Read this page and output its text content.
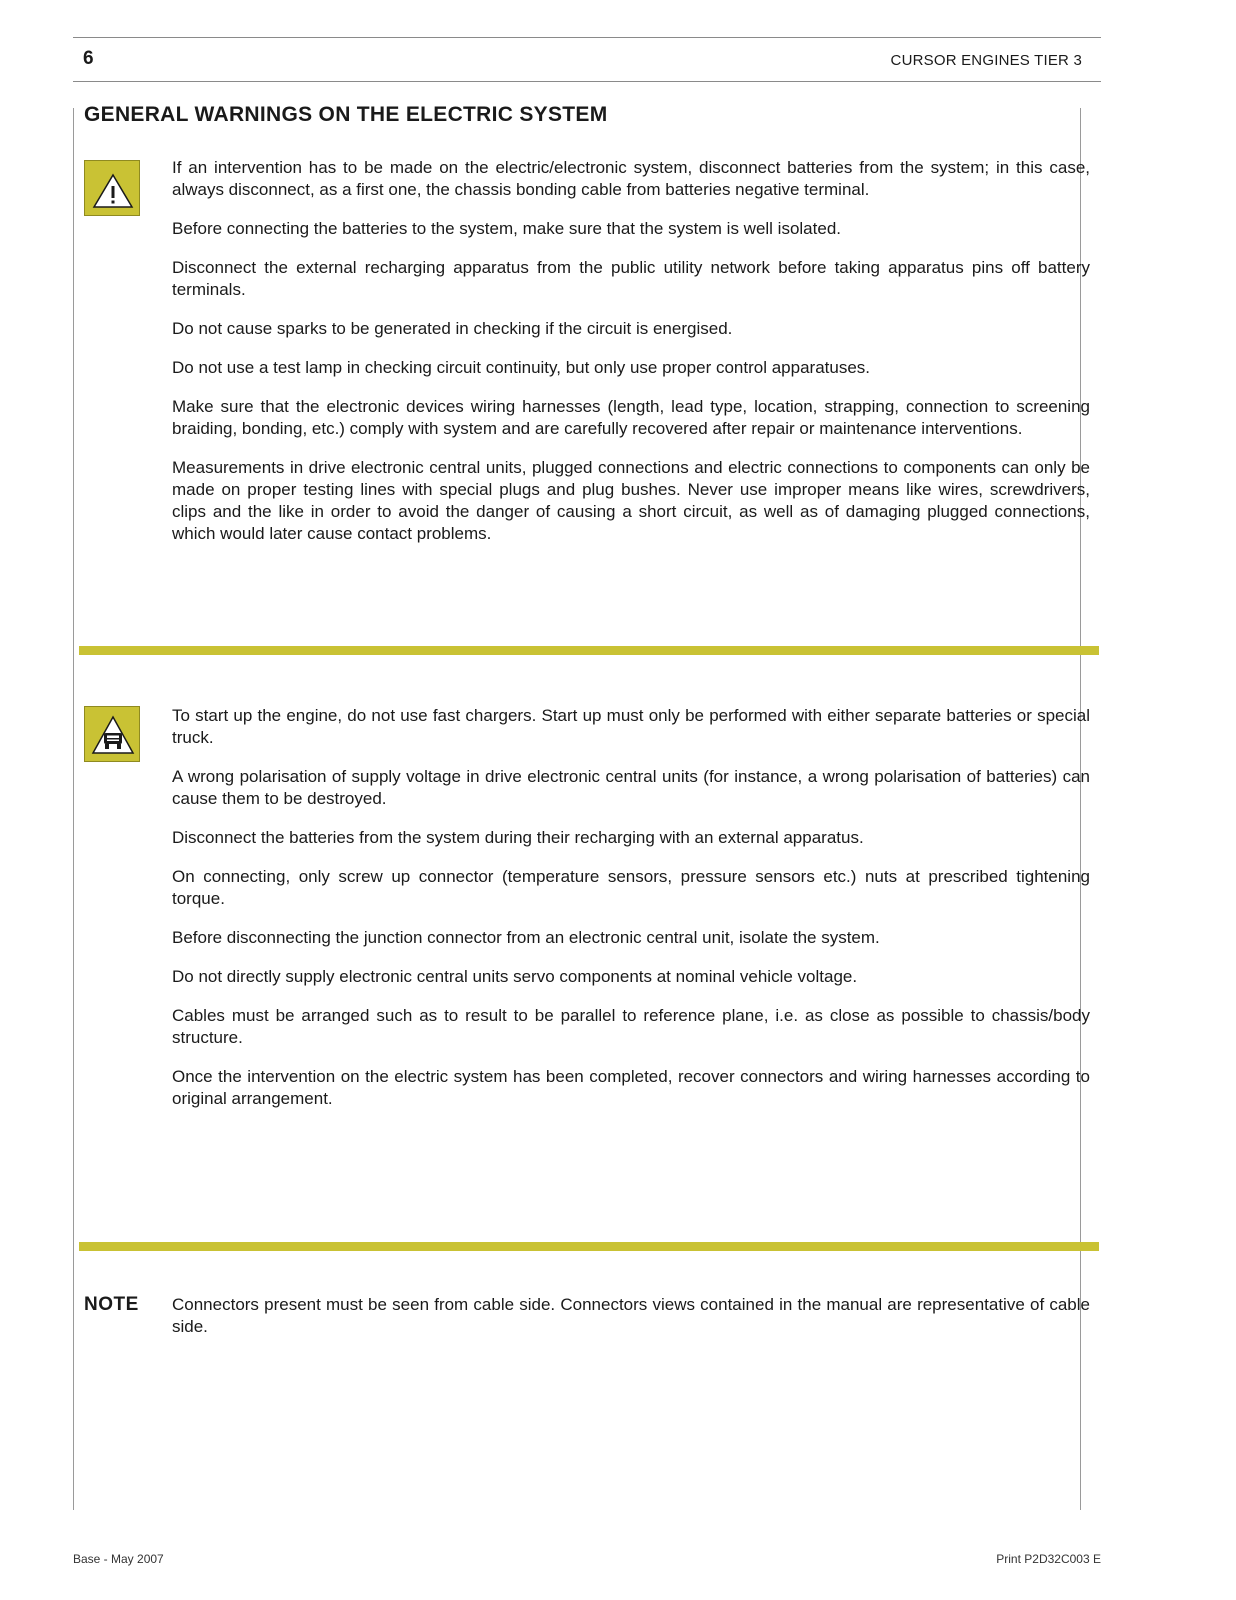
6	CURSOR ENGINES TIER 3
GENERAL WARNINGS ON THE ELECTRIC SYSTEM

If an intervention has to be made on the electric/electronic system, disconnect batteries from the system; in this case, always disconnect, as a first one, the chassis bonding cable from batteries negative terminal.

Before connecting the batteries to the system, make sure that the system is well isolated.

Disconnect the external recharging apparatus from the public utility network before taking apparatus pins off battery terminals.

Do not cause sparks to be generated in checking if the circuit is energised.

Do not use a test lamp in checking circuit continuity, but only use proper control apparatuses.

Make sure that the electronic devices wiring harnesses (length, lead type, location, strapping, connection to screening braiding, bonding, etc.) comply with system and are carefully recovered after repair or maintenance interventions.

Measurements in drive electronic central units, plugged connections and electric connections to components can only be made on proper testing lines with special plugs and plug bushes. Never use improper means like wires, screwdrivers, clips and the like in order to avoid the danger of causing a short circuit, as well as of damaging plugged connections, which would later cause contact problems.

To start up the engine, do not use fast chargers. Start up must only be performed with either separate batteries or special truck.

A wrong polarisation of supply voltage in drive electronic central units (for instance, a wrong polarisation of batteries) can cause them to be destroyed.

Disconnect the batteries from the system during their recharging with an external apparatus.

On connecting, only screw up connector (temperature sensors, pressure sensors etc.) nuts at prescribed tightening torque.

Before disconnecting the junction connector from an electronic central unit, isolate the system.

Do not directly supply electronic central units servo components at nominal vehicle voltage.

Cables must be arranged such as to result to be parallel to reference plane, i.e. as close as possible to chassis/body structure.

Once the intervention on the electric system has been completed, recover connectors and wiring harnesses according to original arrangement.

NOTE Connectors present must be seen from cable side. Connectors views contained in the manual are representative of cable side.

Base - May 2007	Print P2D32C003 E
